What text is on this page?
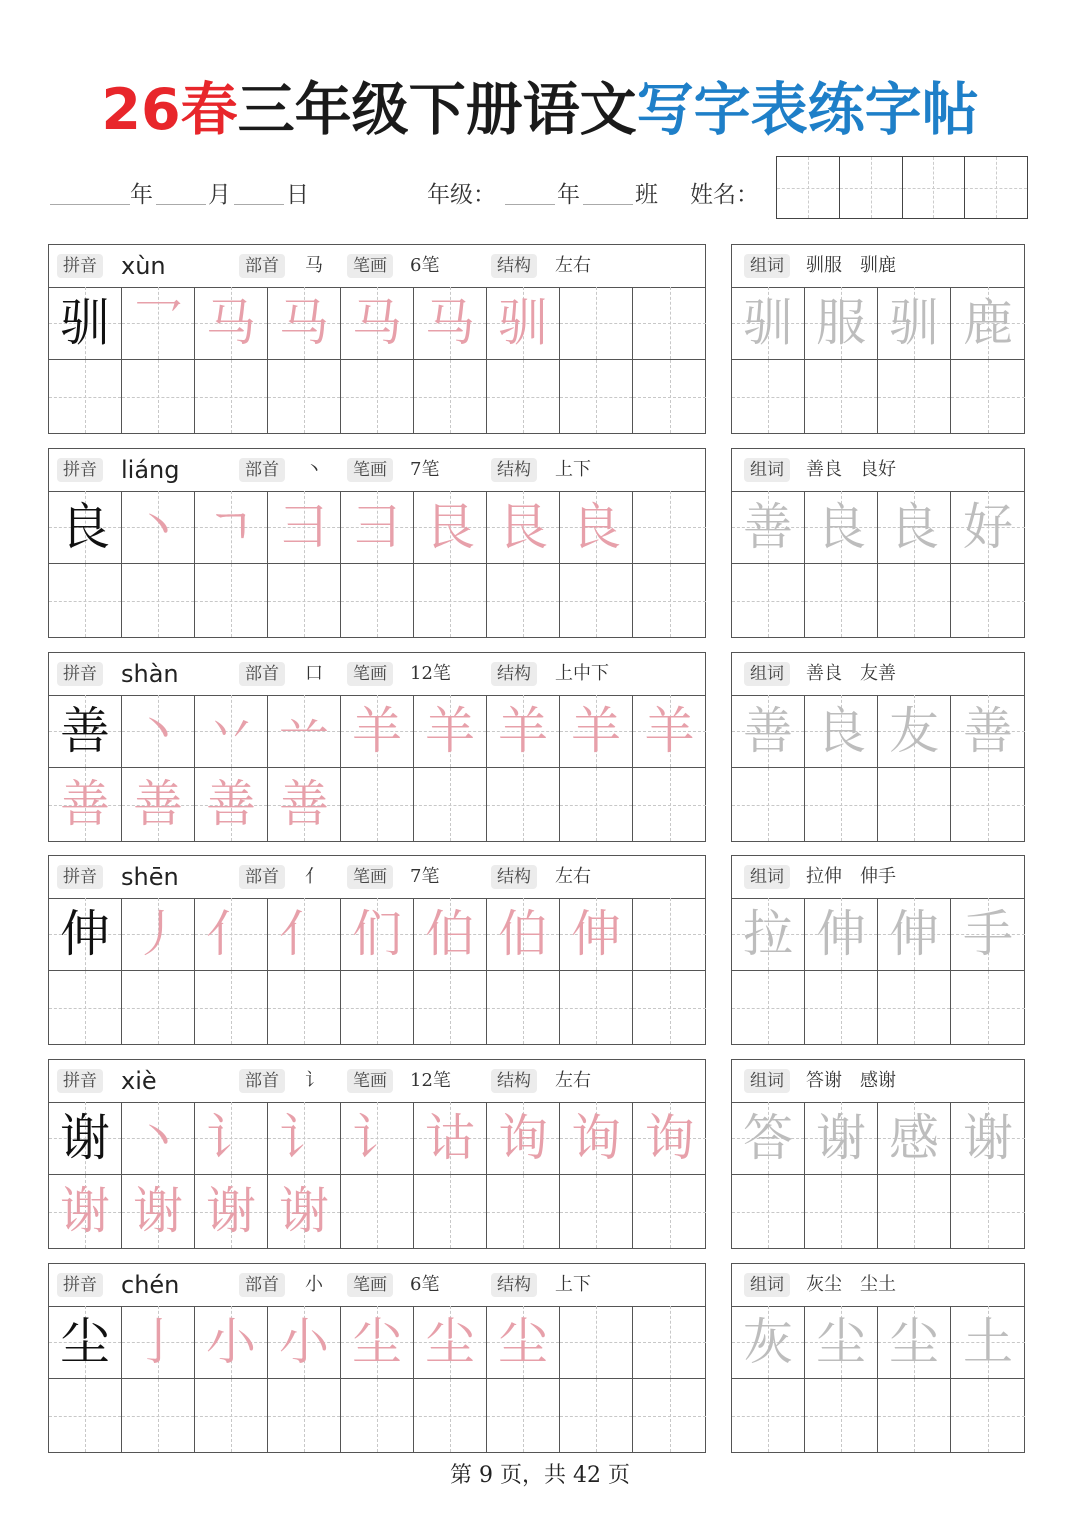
26春三年级下册语文写字表练字帖
年 月 日	年级：	年 班 姓名：
拼音	部首	笔画	结构
xùn	马	6笔	左右
驯 乛 马 马 马 马 驯
组词	驯服　驯鹿
驯 服 驯 鹿
拼音	部首	笔画	结构
liáng	丶	7笔	上下
良 丶 ㄱ 彐 彐 艮 艮 良
组词	善良　良好
善 良 良 好
拼音	部首	笔画	结构
shàn	口	12笔	上中下
善 丶 丷 䒑 羊 羊 羊 羊 羊
善 善 善 善
组词	善良　友善
善 良 友 善
拼音	部首	笔画	结构
shēn	亻	7笔	左右
伸 丿 亻 亻 们 伯 伯 伸
组词	拉伸　伸手
拉 伸 伸 手
拼音	部首	笔画	结构
xiè	讠	12笔	左右
谢 丶 讠 讠 讠 诂 询 询 询
谢 谢 谢 谢
组词	答谢　感谢
答 谢 感 谢
拼音	部首	笔画	结构
chén	小	6笔	上下
尘 亅 小 小 尘 尘 尘
组词	灰尘　尘土
灰 尘 尘 土
第 9 页，共 42 页
